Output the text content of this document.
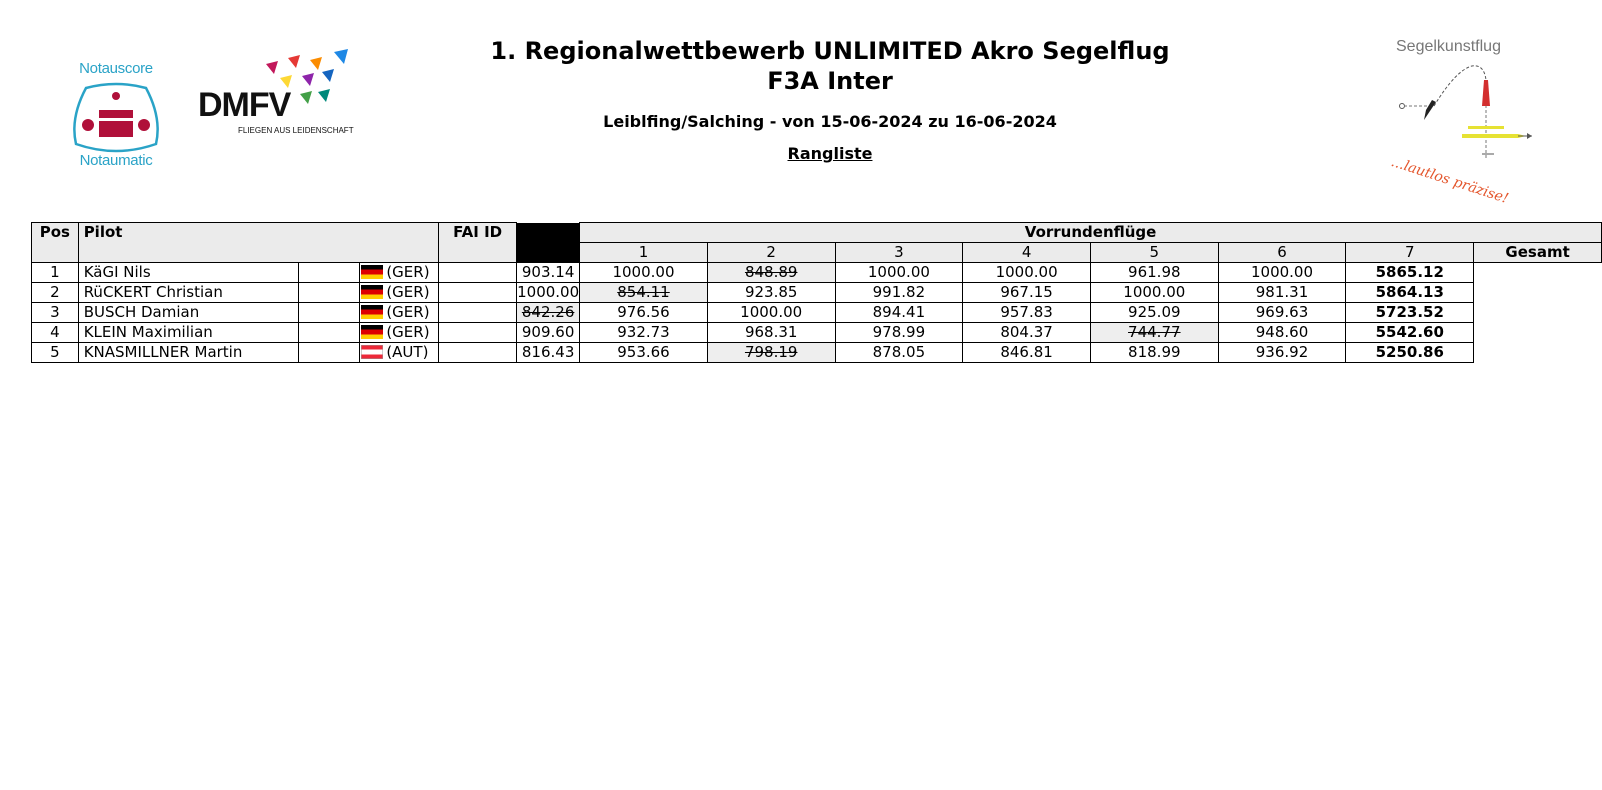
Notauscore
Notaumatic
DMFV
FLIEGEN AUS LEIDENSCHAFT
1. Regionalwettbewerb UNLIMITED Akro Segelflug
F3A Inter
Leiblfing/Salching - von 15-06-2024 zu 16-06-2024
Rangliste
Segelkunstflug
...lautlos präzise!
Pos	Pilot			FAI ID		Vorrundenflüge							
						1	2	3	4	5	6	7	Gesamt
1	KäGI Nils		(GER)		903.14	1000.00	848.89	1000.00	1000.00	961.98	1000.00	5865.12	
2	RüCKERT Christian		(GER)		1000.00	854.11	923.85	991.82	967.15	1000.00	981.31	5864.13	
3	BUSCH Damian		(GER)		842.26	976.56	1000.00	894.41	957.83	925.09	969.63	5723.52	
4	KLEIN Maximilian		(GER)		909.60	932.73	968.31	978.99	804.37	744.77	948.60	5542.60	
5	KNASMILLNER Martin		(AUT)		816.43	953.66	798.19	878.05	846.81	818.99	936.92	5250.86	
